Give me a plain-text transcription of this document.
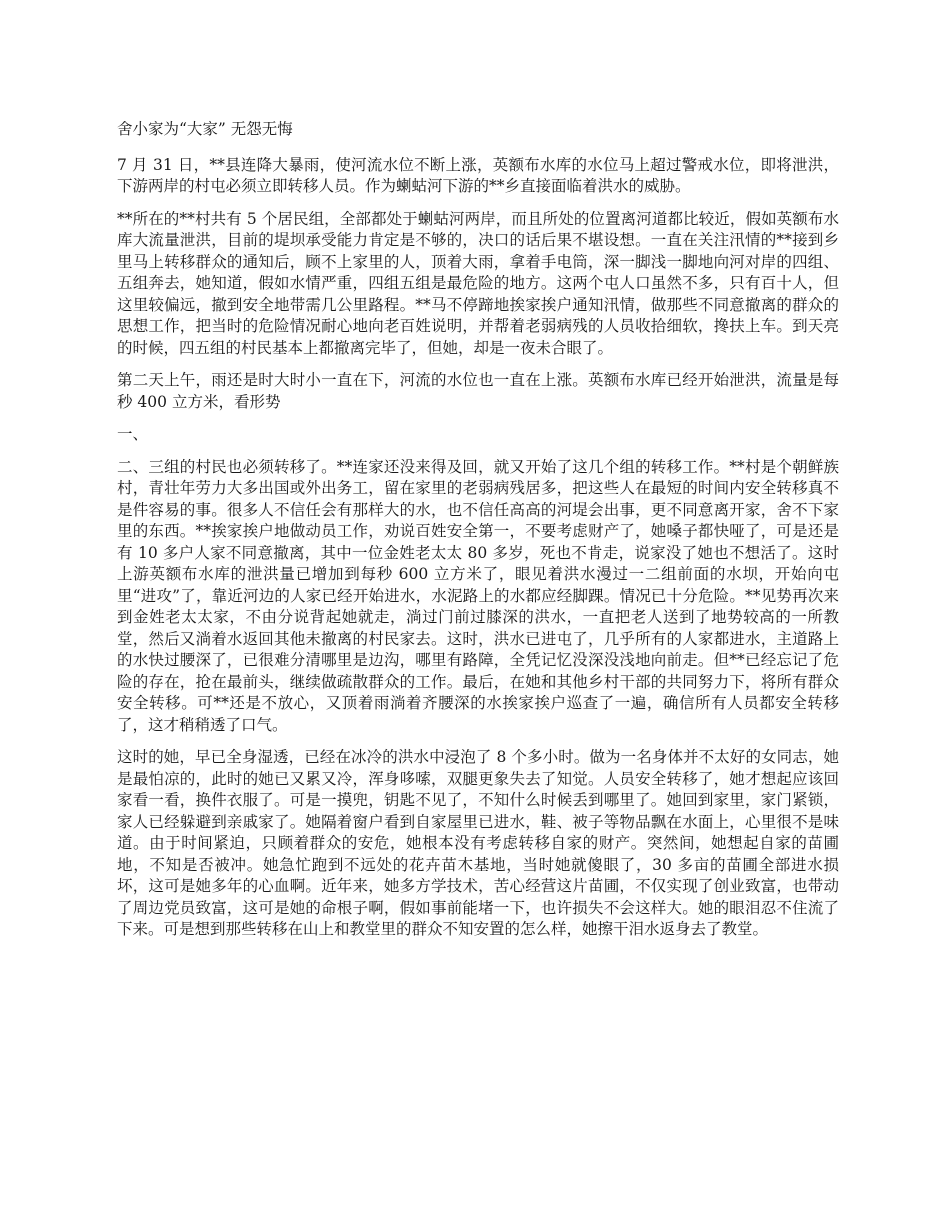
舍小家为“大家” 无怨无悔

7 月 31 日，**县连降大暴雨，使河流水位不断上涨，英额布水库的水位马上超过警戒水位，即将泄洪，下游两岸的村屯必须立即转移人员。作为蝲蛄河下游的**乡直接面临着洪水的威胁。

**所在的**村共有 5 个居民组，全部都处于蝲蛄河两岸，而且所处的位置离河道都比较近，假如英额布水库大流量泄洪，目前的堤坝承受能力肯定是不够的，决口的话后果不堪设想。一直在关注汛情的**接到乡里马上转移群众的通知后，顾不上家里的人，顶着大雨，拿着手电筒，深一脚浅一脚地向河对岸的四组、五组奔去，她知道，假如水情严重，四组五组是最危险的地方。这两个屯人口虽然不多，只有百十人，但这里较偏远，撤到安全地带需几公里路程。**马不停蹄地挨家挨户通知汛情，做那些不同意撤离的群众的思想工作，把当时的危险情况耐心地向老百姓说明，并帮着老弱病残的人员收拾细软，搀扶上车。到天亮的时候，四五组的村民基本上都撤离完毕了，但她，却是一夜未合眼了。

第二天上午，雨还是时大时小一直在下，河流的水位也一直在上涨。英额布水库已经开始泄洪，流量是每秒 400 立方米，看形势

一、

二、三组的村民也必须转移了。**连家还没来得及回，就又开始了这几个组的转移工作。**村是个朝鲜族村，青壮年劳力大多出国或外出务工，留在家里的老弱病残居多，把这些人在最短的时间内安全转移真不是件容易的事。很多人不信任会有那样大的水，也不信任高高的河堤会出事，更不同意离开家，舍不下家里的东西。**挨家挨户地做动员工作，劝说百姓安全第一，不要考虑财产了，她嗓子都快哑了，可是还是有 10 多户人家不同意撤离，其中一位金姓老太太 80 多岁，死也不肯走，说家没了她也不想活了。这时上游英额布水库的泄洪量已增加到每秒 600 立方米了，眼见着洪水漫过一二组前面的水坝，开始向屯里“进攻”了，靠近河边的人家已经开始进水，水泥路上的水都应经脚踝。情况已十分危险。**见势再次来到金姓老太太家，不由分说背起她就走，淌过门前过膝深的洪水，一直把老人送到了地势较高的一所教堂，然后又淌着水返回其他未撤离的村民家去。这时，洪水已进屯了，几乎所有的人家都进水，主道路上的水快过腰深了，已很难分清哪里是边沟，哪里有路障，全凭记忆没深没浅地向前走。但**已经忘记了危险的存在，抢在最前头，继续做疏散群众的工作。最后，在她和其他乡村干部的共同努力下，将所有群众安全转移。可**还是不放心，又顶着雨淌着齐腰深的水挨家挨户巡查了一遍，确信所有人员都安全转移了，这才稍稍透了口气。

这时的她，早已全身湿透，已经在冰冷的洪水中浸泡了 8 个多小时。做为一名身体并不太好的女同志，她是最怕凉的，此时的她已又累又冷，浑身哆嗦，双腿更象失去了知觉。人员安全转移了，她才想起应该回家看一看，换件衣服了。可是一摸兜，钥匙不见了，不知什么时候丢到哪里了。她回到家里，家门紧锁，家人已经躲避到亲戚家了。她隔着窗户看到自家屋里已进水，鞋、被子等物品飘在水面上，心里很不是味道。由于时间紧迫，只顾着群众的安危，她根本没有考虑转移自家的财产。突然间，她想起自家的苗圃地，不知是否被冲。她急忙跑到不远处的花卉苗木基地，当时她就傻眼了，30 多亩的苗圃全部进水损坏，这可是她多年的心血啊。近年来，她多方学技术，苦心经营这片苗圃，不仅实现了创业致富，也带动了周边党员致富，这可是她的命根子啊，假如事前能堵一下，也许损失不会这样大。她的眼泪忍不住流了下来。可是想到那些转移在山上和教堂里的群众不知安置的怎么样，她擦干泪水返身去了教堂。
